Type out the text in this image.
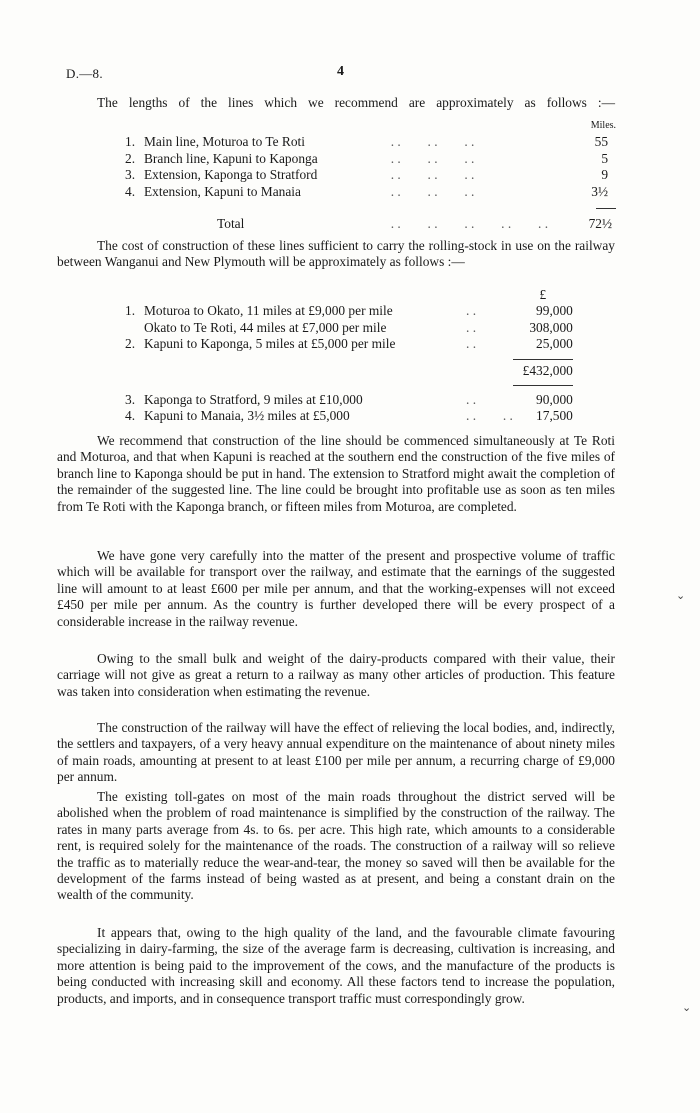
D.—8.	4
The lengths of the lines which we recommend are approximately as follows :—
			Miles.
1.	Main line, Moturoa to Te Roti	. .        . .        . .	55
2.	Branch line, Kapuni to Kaponga	. .        . .        . .	5
3.	Extension, Kaponga to Stratford	. .        . .        . .	9
4.	Extension, Kapuni to Manaia	. .        . .        . .	3½

Total		. .        . .        . .        . .        . .	72½
The cost of construction of these lines sufficient to carry the rolling-stock in use on the railway between Wanganui and New Plymouth will be approximately as follows :—
			£
1.	Moturoa to Okato, 11 miles at £9,000 per mile	. .	99,000
	Okato to Te Roti, 44 miles at £7,000 per mile	. .	308,000
2.	Kapuni to Kaponga, 5 miles at £5,000 per mile	. .	25,000

			£432,000

3.	Kaponga to Stratford, 9 miles at £10,000	. .	90,000
4.	Kapuni to Manaia, 3½ miles at £5,000	. .        . .	17,500
We recommend that construction of the line should be commenced simultaneously at Te Roti and Moturoa, and that when Kapuni is reached at the southern end the construction of the five miles of branch line to Kaponga should be put in hand. The extension to Stratford might await the completion of the remainder of the suggested line. The line could be brought into profitable use as soon as ten miles from Te Roti with the Kaponga branch, or fifteen miles from Moturoa, are completed.
We have gone very carefully into the matter of the present and prospective volume of traffic which will be available for transport over the railway, and estimate that the earnings of the suggested line will amount to at least £600 per mile per annum, and that the working-expenses will not exceed £450 per mile per annum. As the country is further developed there will be every prospect of a considerable increase in the railway revenue.
Owing to the small bulk and weight of the dairy-products compared with their value, their carriage will not give as great a return to a railway as many other articles of production. This feature was taken into consideration when estimating the revenue.
The construction of the railway will have the effect of relieving the local bodies, and, indirectly, the settlers and taxpayers, of a very heavy annual expenditure on the maintenance of about ninety miles of main roads, amounting at present to at least £100 per mile per annum, a recurring charge of £9,000 per annum.
The existing toll-gates on most of the main roads throughout the district served will be abolished when the problem of road maintenance is simplified by the construction of the railway. The rates in many parts average from 4s. to 6s. per acre. This high rate, which amounts to a considerable rent, is required solely for the maintenance of the roads. The construction of a railway will so relieve the traffic as to materially reduce the wear-and-tear, the money so saved will then be available for the development of the farms instead of being wasted as at present, and being a constant drain on the wealth of the community.
It appears that, owing to the high quality of the land, and the favourable climate favouring specializing in dairy-farming, the size of the average farm is decreasing, cultivation is increasing, and more attention is being paid to the improvement of the cows, and the manufacture of the products is being conducted with increasing skill and economy. All these factors tend to increase the population, products, and imports, and in consequence transport traffic must correspondingly grow.
⌄
⌄
